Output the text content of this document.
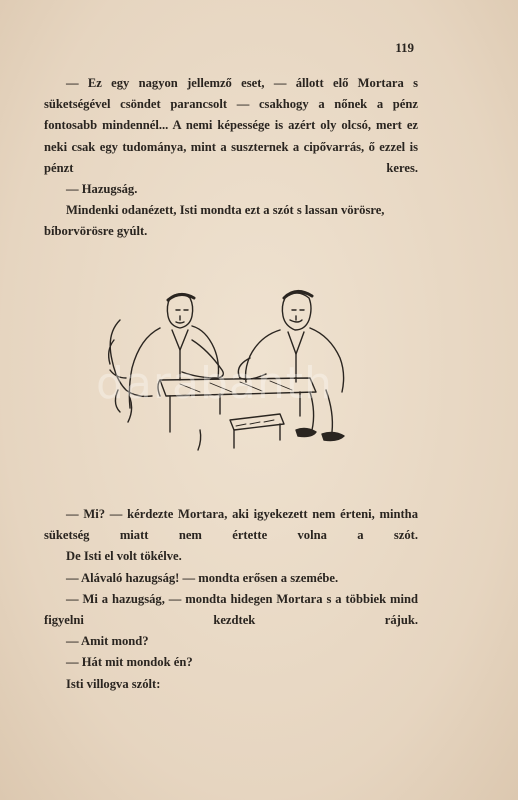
119

— Ez egy nagyon jellemző eset, — állott elő Mortara s süketségével csöndet parancsolt — csakhogy a nőnek a pénz fontosabb mindennél... A nemi képessége is azért oly olcsó, mert ez neki csak egy tudománya, mint a suszternek a cipővarrás, ő ezzel is pénzt keres.

— Hazugság.

Mindenki odanézett, Isti mondta ezt a szót s lassan vörösre, bíborvörösre gyúlt.

darabanth

— Mi? — kérdezte Mortara, aki igyekezett nem érteni, mintha süketség miatt nem értette volna a szót.

De Isti el volt tökélve.

— Alávaló hazugság! — mondta erősen a szemébe.

— Mi a hazugság, — mondta hidegen Mortara s a többiek mind figyelni kezdtek rájuk.

— Amit mond?

— Hát mit mondok én?

Isti villogva szólt:
